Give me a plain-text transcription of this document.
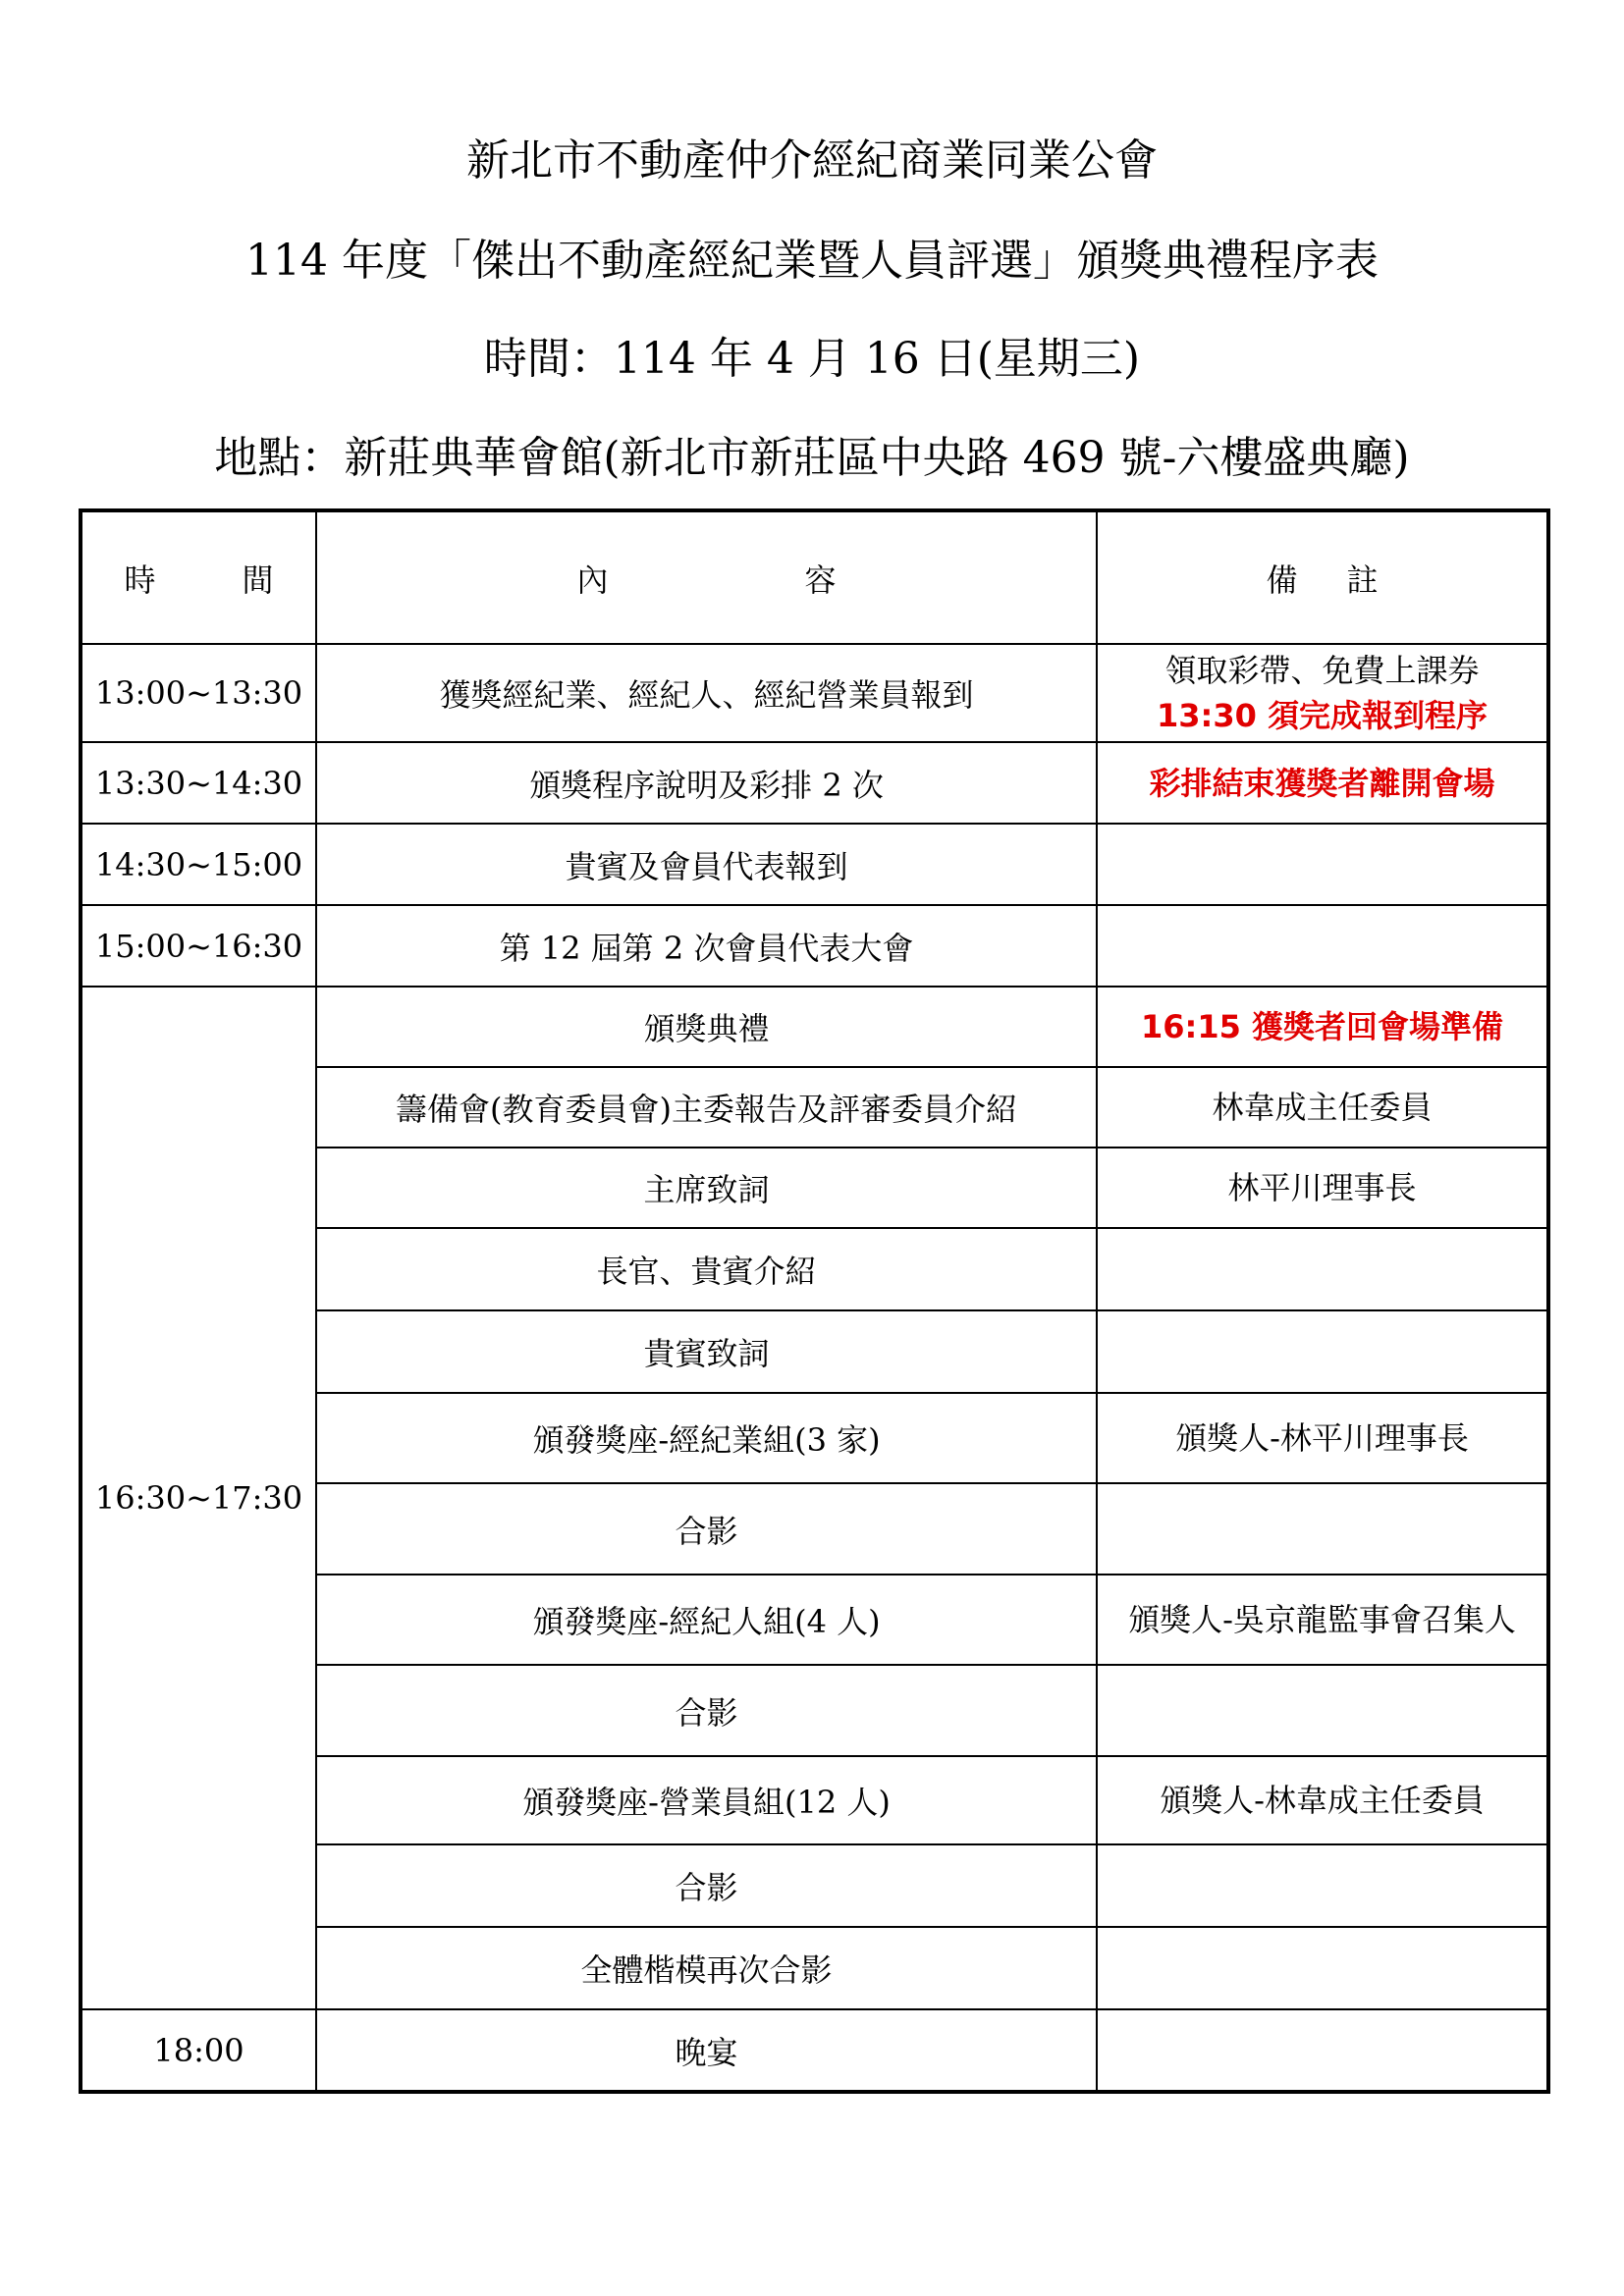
新北市不動產仲介經紀商業同業公會
114 年度「傑出不動產經紀業暨人員評選」頒獎典禮程序表
時間：114 年 4 月 16 日(星期三)
地點：新莊典華會館(新北市新莊區中央路 469 號-六樓盛典廳)
時 間	內 容	備 註
13:00~13:30	獲獎經紀業、經紀人、經紀營業員報到	領取彩帶、免費上課券
13:30 須完成報到程序

13:30~14:30	頒獎程序說明及彩排 2 次	彩排結束獲獎者離開會場

14:30~15:00	貴賓及會員代表報到	
15:00~16:30	第 12 屆第 2 次會員代表大會	
16:30~17:30	頒獎典禮	16:15 獲獎者回會場準備

	籌備會(教育委員會)主委報告及評審委員介紹	林韋成主任委員

	主席致詞	林平川理事長

	長官、貴賓介紹	
	貴賓致詞	
	頒發獎座-經紀業組(3 家)	頒獎人-林平川理事長

	合影	
	頒發獎座-經紀人組(4 人)	頒獎人-吳京龍監事會召集人

	合影	
	頒發獎座-營業員組(12 人)	頒獎人-林韋成主任委員

	合影	
	全體楷模再次合影	
18:00	晚宴	
